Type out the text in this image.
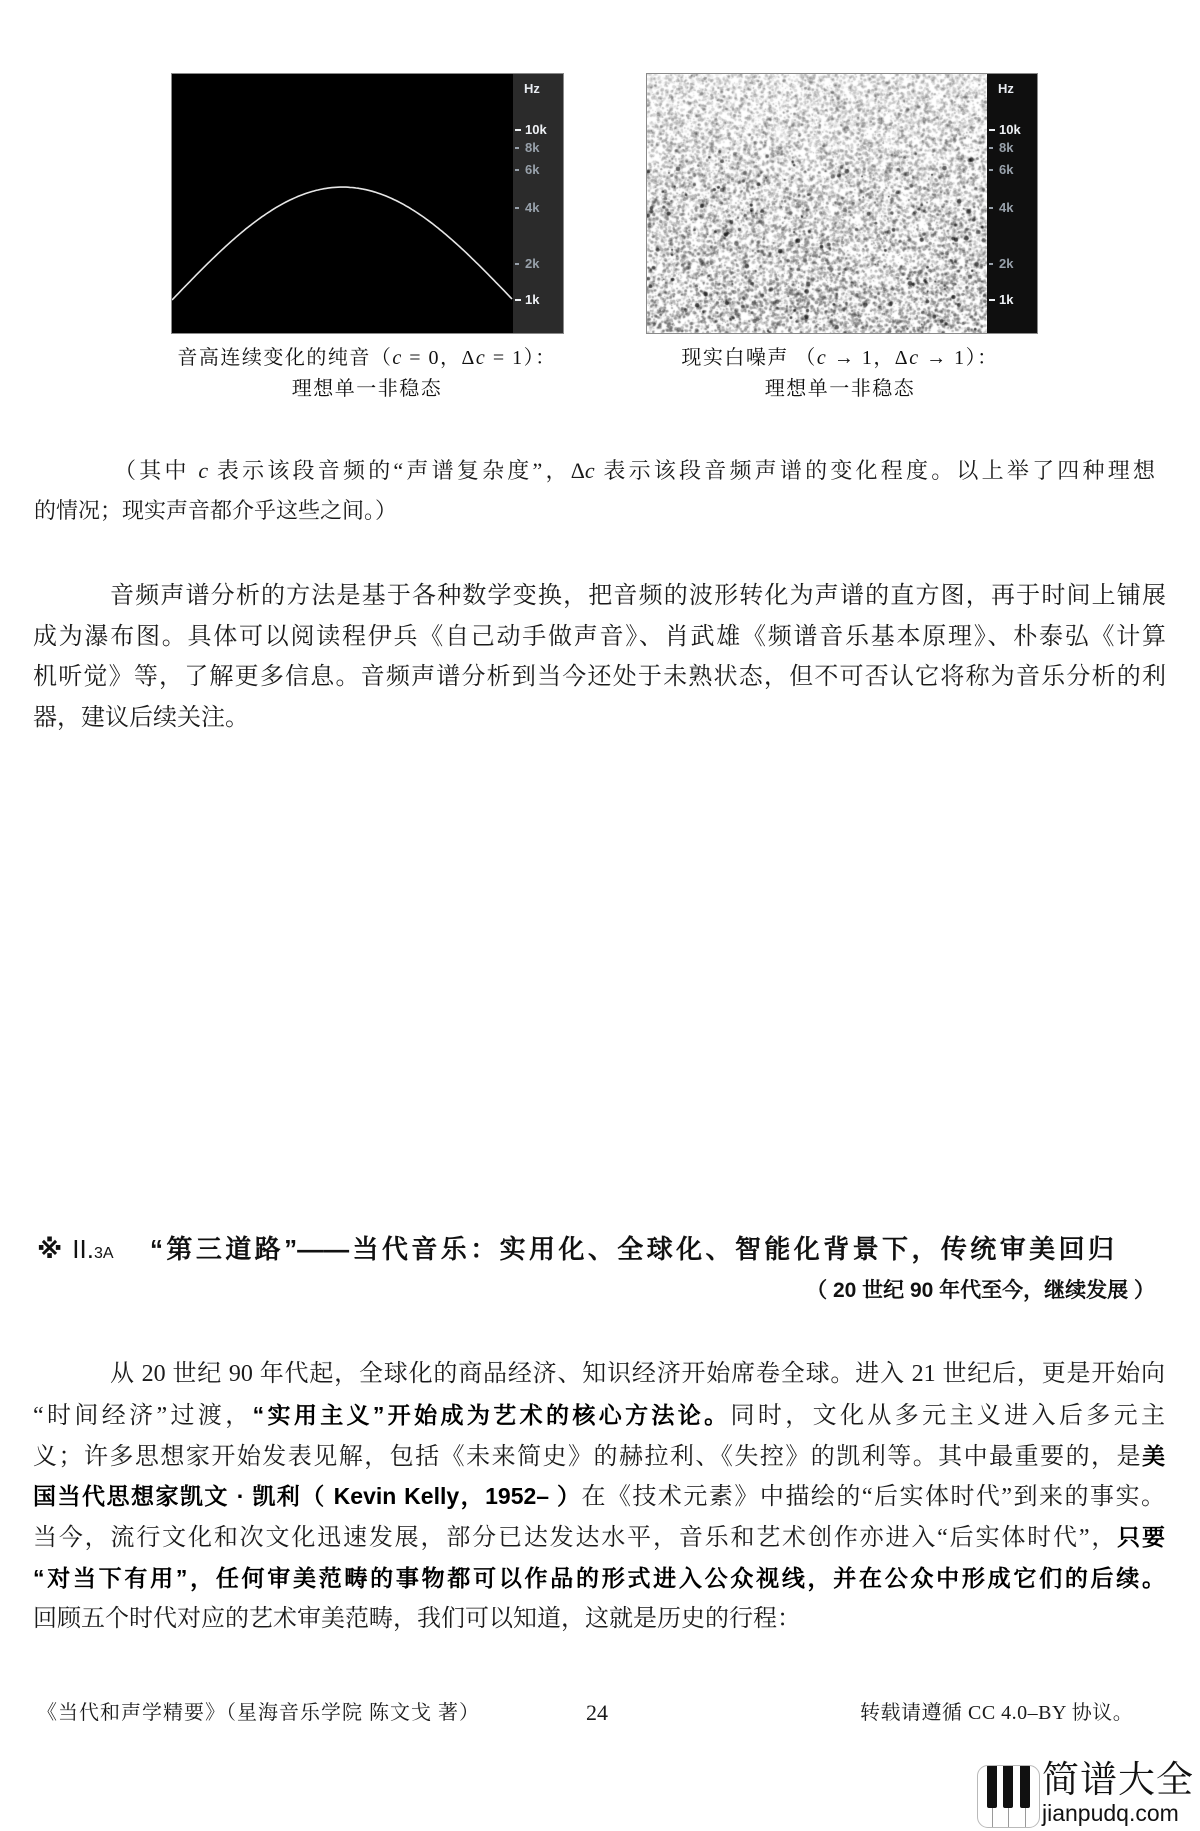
Hz
10k
8k
6k
4k
2k
1k
Hz
10k
8k
6k
4k
2k
1k
音高连续变化的纯音（c = 0，Δc = 1）：
理想单一非稳态
现实白噪声 （c → 1，Δc → 1）：
理想单一非稳态
（其中 c 表示该段音频的“声谱复杂度”，Δc 表示该段音频声谱的变化程度。以上举了四种理想
的情况；现实声音都介乎这些之间。）
音频声谱分析的方法是基于各种数学变换，把音频的波形转化为声谱的直方图，再于时间上铺展
成为瀑布图。具体可以阅读程伊兵《自己动手做声音》、肖武雄《频谱音乐基本原理》、朴泰弘《计算
机听觉》等，了解更多信息。音频声谱分析到当今还处于未熟状态，但不可否认它将称为音乐分析的利
器，建议后续关注。
※ II.3A	“第三道路”——当代音乐：实用化、全球化、智能化背景下，传统审美回归
（ 20 世纪 90 年代至今，继续发展 ）
从 20 世纪 90 年代起，全球化的商品经济、知识经济开始席卷全球。进入 21 世纪后，更是开始向
“时间经济”过渡，“实用主义”开始成为艺术的核心方法论。同时，文化从多元主义进入后多元主
义；许多思想家开始发表见解，包括《未来简史》的赫拉利、《失控》的凯利等。其中最重要的，是美
国当代思想家凯文 · 凯利（ Kevin Kelly，1952– ）在《技术元素》中描绘的“后实体时代”到来的事实。
当今，流行文化和次文化迅速发展，部分已达发达水平，音乐和艺术创作亦进入“后实体时代”，只要
“对当下有用”，任何审美范畴的事物都可以作品的形式进入公众视线，并在公众中形成它们的后续。
回顾五个时代对应的艺术审美范畴，我们可以知道，这就是历史的行程：
《当代和声学精要》（星海音乐学院 陈文戈 著）	24	转载请遵循 CC 4.0–BY 协议。
简谱大全
jianpudq.com
